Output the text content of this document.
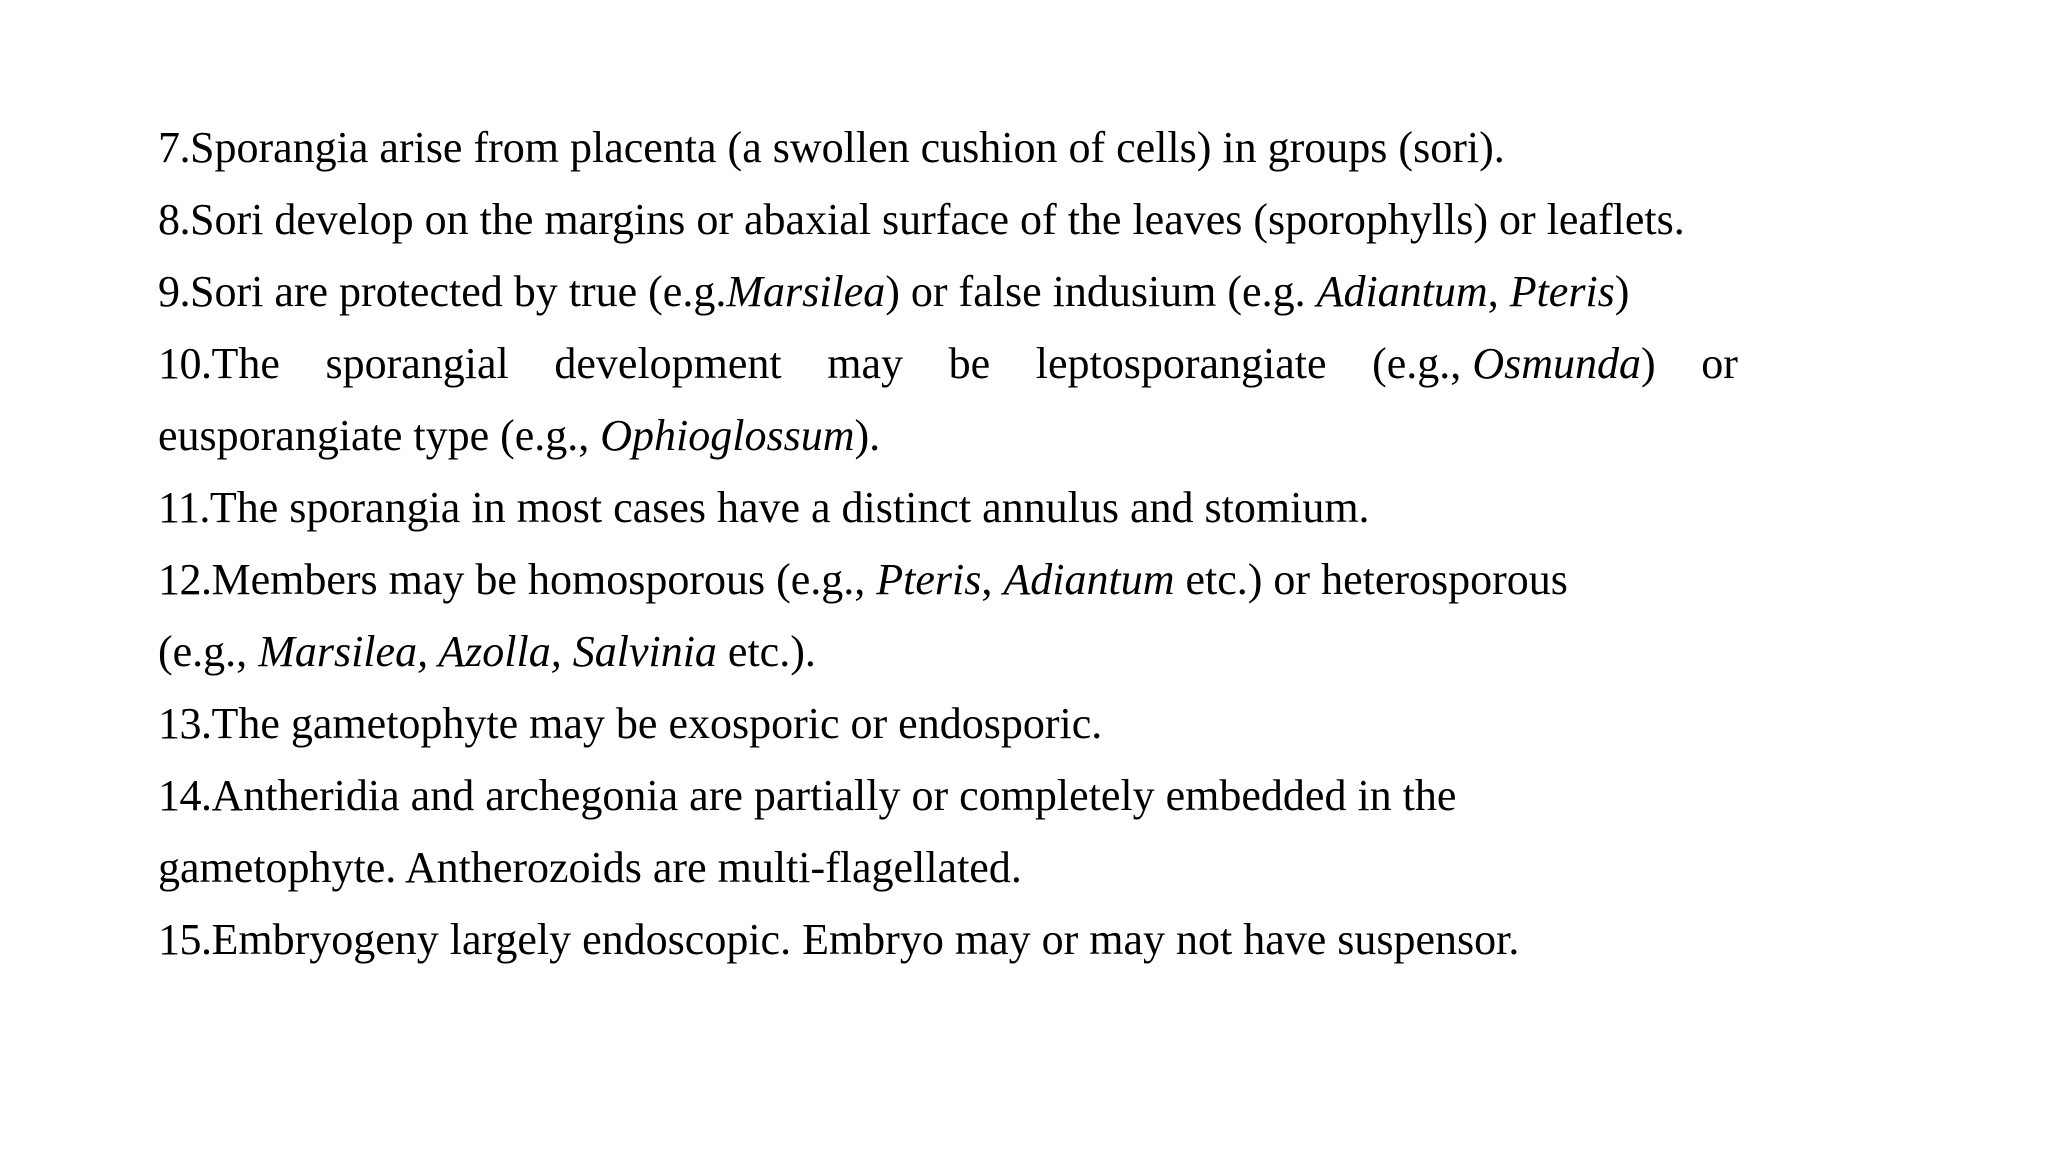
7.Sporangia arise from placenta (a swollen cushion of cells) in groups (sori).
8.Sori develop on the margins or abaxial surface of the leaves (sporophylls) or leaflets.
9.Sori are protected by true (e.g.Marsilea) or false indusium (e.g. Adiantum, Pteris)
10.The sporangial development may be leptosporangiate (e.g., Osmunda) or
eusporangiate type (e.g., Ophioglossum).
11.The sporangia in most cases have a distinct annulus and stomium.
12.Members may be homosporous (e.g., Pteris, Adiantum etc.) or heterosporous
(e.g., Marsilea, Azolla, Salvinia etc.).
13.The gametophyte may be exosporic or endosporic.
14.Antheridia and archegonia are partially or completely embedded in the
gametophyte. Antherozoids are multi-flagellated.
15.Embryogeny largely endoscopic. Embryo may or may not have suspensor.
